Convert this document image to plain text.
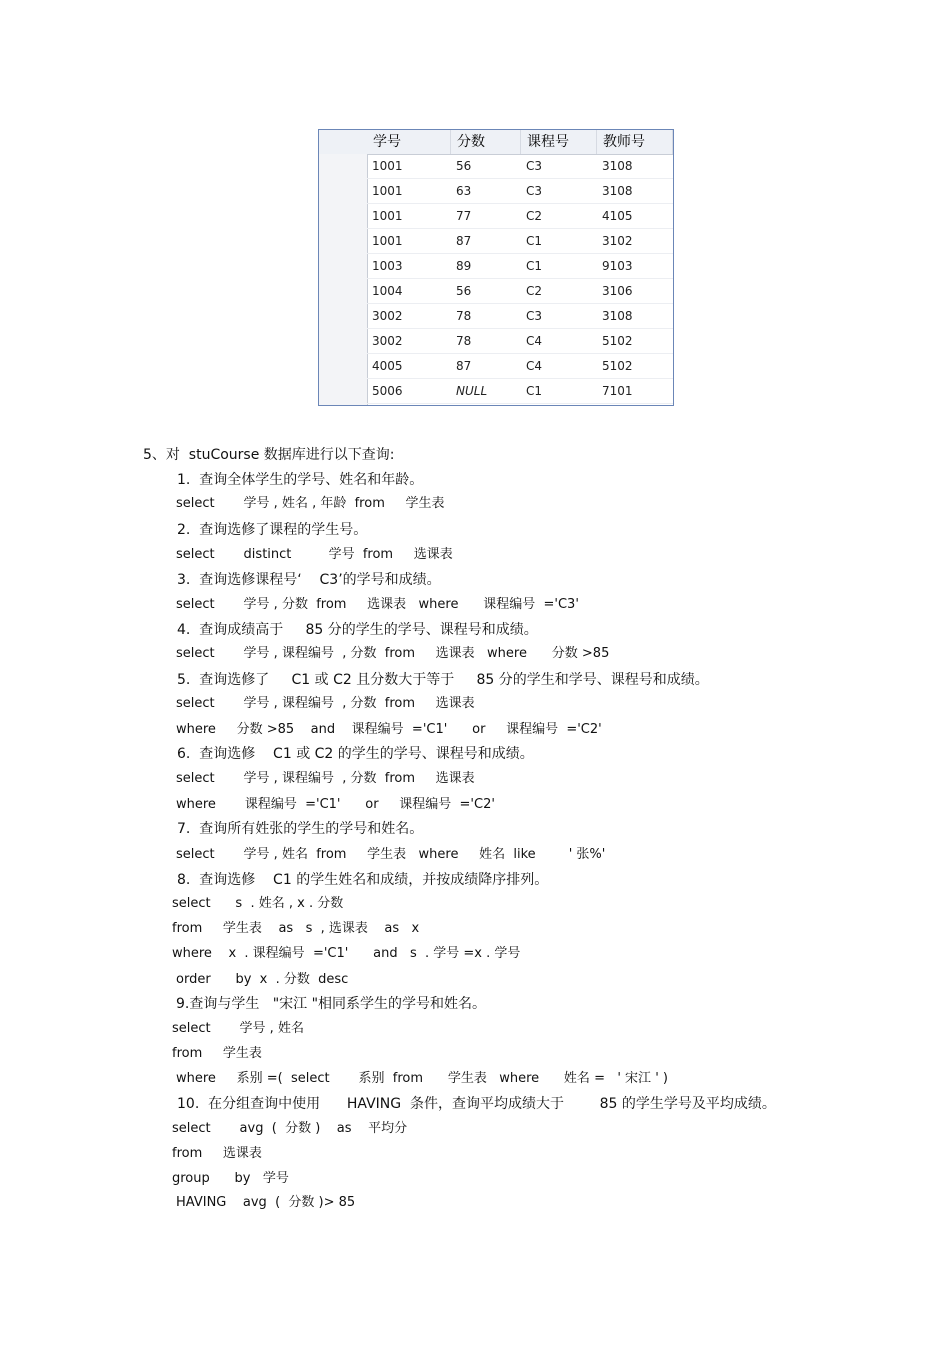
学号	分数	课程号	教师号
1001	56	C3	3108
1001	63	C3	3108
1001	77	C2	4105
1001	87	C1	3102
1003	89	C1	9103
1004	56	C2	3106
3002	78	C3	3108
3002	78	C4	5102
4005	87	C4	5102
5006	NULL	C1	7101
5、对  stuCourse 数据库进行以下查询:
1.  查询全体学生的学号、姓名和年龄。
select       学号 , 姓名 , 年龄  from     学生表
2.  查询选修了课程的学生号。
select       distinct         学号  from     选课表
3.  查询选修课程号‘    C3’的学号和成绩。
select       学号 , 分数  from     选课表   where      课程编号  ='C3'
4.  查询成绩高于     85 分的学生的学号、课程号和成绩。
select       学号 , 课程编号  , 分数  from     选课表   where      分数 >85
5.  查询选修了     C1 或 C2 且分数大于等于     85 分的学生和学号、课程号和成绩。
select       学号 , 课程编号  , 分数  from     选课表
where     分数 >85    and    课程编号  ='C1'      or     课程编号  ='C2'
6.  查询选修    C1 或 C2 的学生的学号、课程号和成绩。
select       学号 , 课程编号  , 分数  from     选课表
where       课程编号  ='C1'      or     课程编号  ='C2'
7.  查询所有姓张的学生的学号和姓名。
select       学号 , 姓名  from     学生表   where     姓名  like        ' 张%'
8.  查询选修    C1 的学生姓名和成绩，并按成绩降序排列。
select      s  . 姓名 , x . 分数
from     学生表    as   s  , 选课表    as   x
where    x  . 课程编号  ='C1'      and   s  . 学号 =x . 学号
order      by  x  . 分数  desc
9.查询与学生   "宋江 "相同系学生的学号和姓名。
select       学号 , 姓名
from     学生表
where     系别 =(  select       系别  from      学生表   where      姓名 =   ' 宋江 ' )
10.  在分组查询中使用      HAVING  条件，查询平均成绩大于        85 的学生学号及平均成绩。
select       avg  (  分数 )    as    平均分
from     选课表
group      by   学号
HAVING    avg  (  分数 )> 85
